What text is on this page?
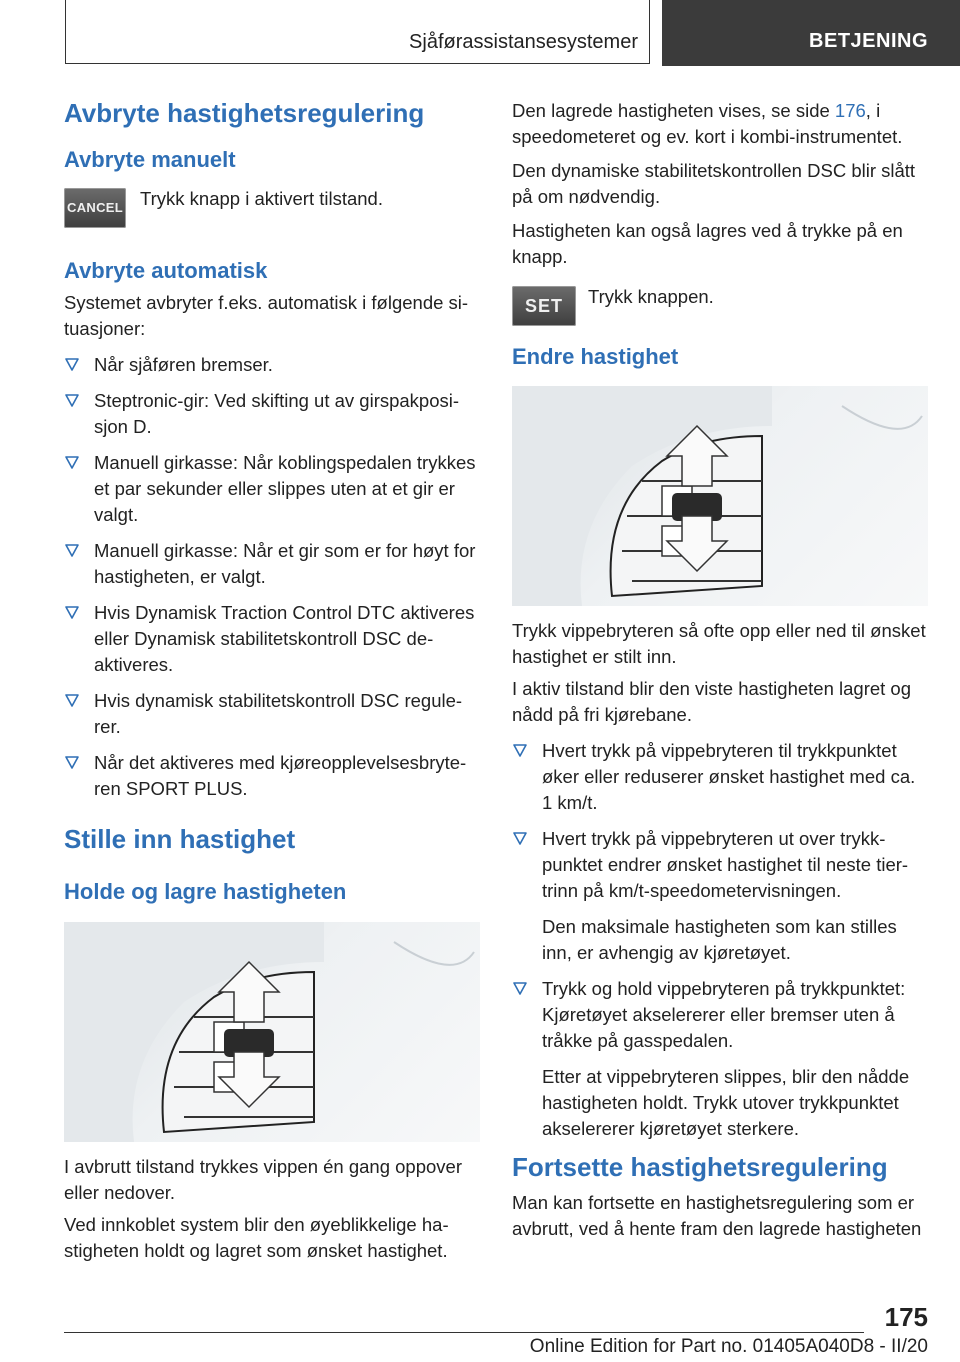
Sjåførassistansesystemer	BETJENING
Avbryte hastighetsregulering
Avbryte manuelt
CANCEL Trykk knapp i aktivert tilstand.

Avbryte automatisk

Systemet avbryter f.eks. automatisk i følgende situasjoner:

Når sjåføren bremser.

Steptronic-gir: Ved skifting ut av girspakposisjon D.

Manuell girkasse: Når koblingspedalen trykkes et par sekunder eller slippes uten at et gir er valgt.

Manuell girkasse: Når et gir som er for høyt for hastigheten, er valgt.

Hvis Dynamisk Traction Control DTC aktiveres eller Dynamisk stabilitetskontroll DSC deaktiveres.

Hvis dynamisk stabilitetskontroll DSC regulerer.

Når det aktiveres med kjøreopplevelsesbryteren SPORT PLUS.

Stille inn hastighet
Holde og lagre hastigheten

I avbrutt tilstand trykkes vippen én gang oppover eller nedover.

Ved innkoblet system blir den øyeblikkelige hastigheten holdt og lagret som ønsket hastighet.

Den lagrede hastigheten vises, se side 176, i speedometeret og ev. kort i kombi-instrumentet.

Den dynamiske stabilitetskontrollen DSC blir slått på om nødvendig.

Hastigheten kan også lagres ved å trykke på en knapp.

SET	Trykk knappen.

Endre hastighet

Trykk vippebryteren så ofte opp eller ned til ønsket hastighet er stilt inn.

I aktiv tilstand blir den viste hastigheten lagret og nådd på fri kjørebane.

Hvert trykk på vippebryteren til trykkpunktet øker eller reduserer ønsket hastighet med ca. 1 km/t.

Hvert trykk på vippebryteren ut over trykkpunktet endrer ønsket hastighet til neste tiertrinn på km/t-speedometervisningen.

Den maksimale hastigheten som kan stilles inn, er avhengig av kjøretøyet.

Trykk og hold vippebryteren på trykkpunktet: Kjøretøyet akselererer eller bremser uten å tråkke på gasspedalen.

Etter at vippebryteren slippes, blir den nådde hastigheten holdt. Trykk utover trykkpunktet akselererer kjøretøyet sterkere.

Fortsette hastighetsregulering

Man kan fortsette en hastighetsregulering som er avbrutt, ved å hente fram den lagrede hastigheten

175
Online Edition for Part no. 01405A040D8 - II/20
